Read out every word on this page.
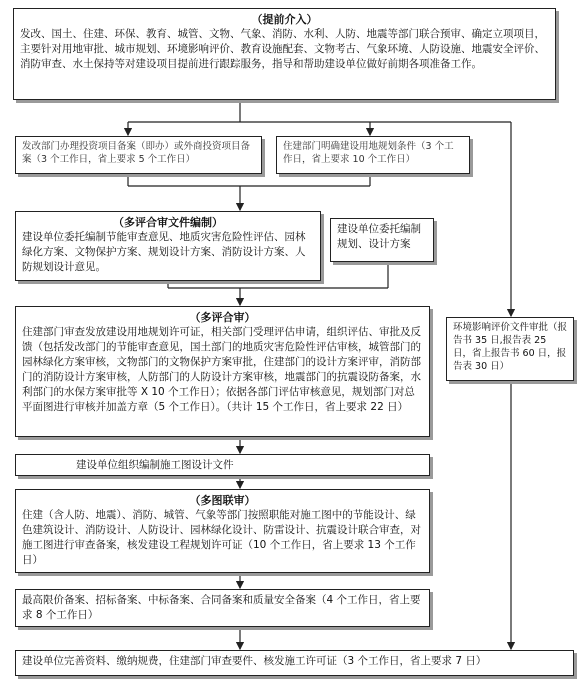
（提前介入）
发改、国土、住建、环保、教育、城管、文物、气象、消防、水利、人防、地震等部门联合预审、确定立项项目，主要针对用地审批、城市规划、环境影响评价、教育设施配套、文物考古、气象环境、人防设施、地震安全评价、消防审查、水土保持等对建设项目提前进行跟踪服务，指导和帮助建设单位做好前期各项准备工作。
发改部门办理投资项目备案（即办）或外商投资项目备案（3 个工作日，省上要求 5 个工作日）
住建部门明确建设用地规划条件（3 个工作日，省上要求 10 个工作日）
（多评合审文件编制）
建设单位委托编制节能审查意见、地质灾害危险性评估、园林绿化方案、文物保护方案、规划设计方案、消防设计方案、人防规划设计意见。
建设单位委托编制规划、设计方案
环境影响评价文件审批（报告书 35 日,报告表 25 日，省上报告书 60 日，报告表 30 日）
（多评合审）
住建部门审查发放建设用地规划许可证，相关部门受理评估申请，组织评估、审批及反馈（包括发改部门的节能审查意见，国土部门的地质灾害危险性评估审核，城管部门的园林绿化方案审核，文物部门的文物保护方案审批，住建部门的设计方案评审，消防部门的消防设计方案审核，人防部门的人防设计方案审核，地震部门的抗震设防备案，水利部门的水保方案审批等 X 10 个工作日）；依据各部门评估审核意见，规划部门对总平面图进行审核并加盖方章（5 个工作日）。（共计 15 个工作日，省上要求 22 日）
建设单位组织编制施工图设计文件
（多图联审）
住建（含人防、地震）、消防、城管、气象等部门按照职能对施工图中的节能设计、绿色建筑设计、消防设计、人防设计、园林绿化设计、防雷设计、抗震设计联合审查，对施工图进行审查备案，核发建设工程规划许可证（10 个工作日，省上要求 13 个工作日）
最高限价备案、招标备案、中标备案、合同备案和质量安全备案（4 个工作日，省上要求 8 个工作日）
建设单位完善资料、缴纳规费，住建部门审查要件、核发施工许可证（3 个工作日，省上要求 7 日）
